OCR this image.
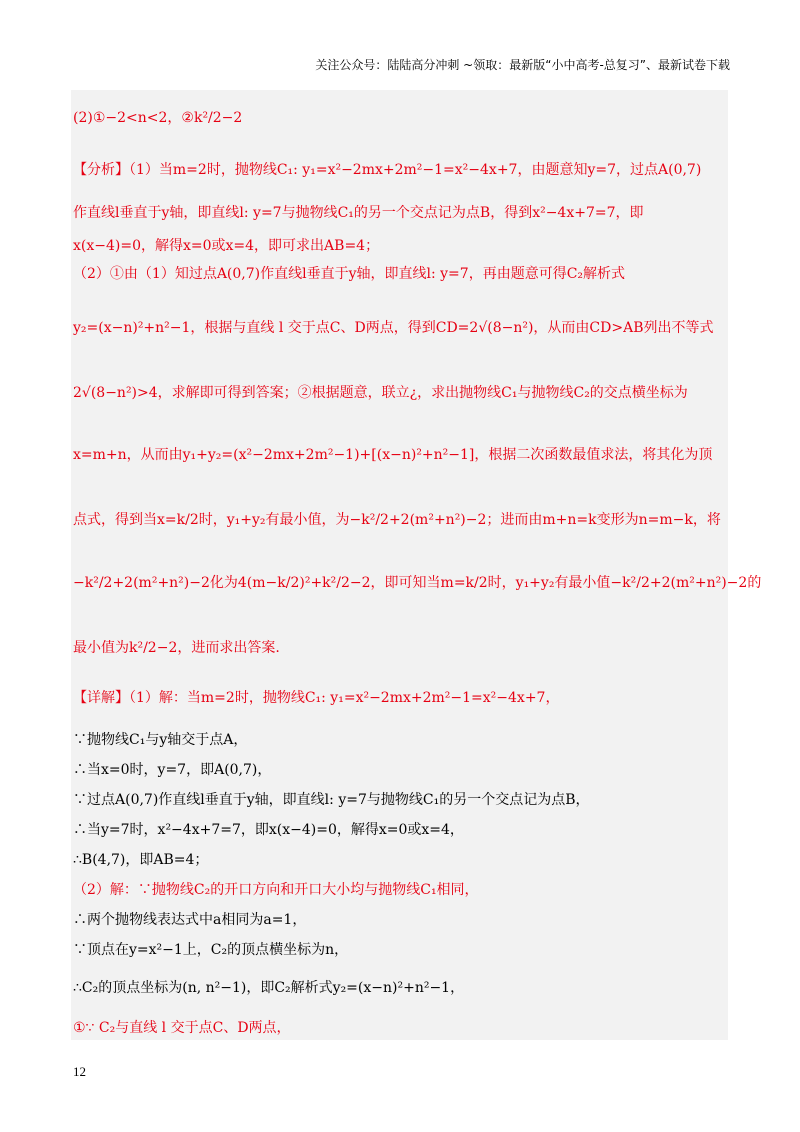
关注公众号：陆陆高分冲刺 ~领取：最新版“小中高考-总复习”、最新试卷下载
(2)①−2<n<2，②k²/2−2
【分析】（1）当m=2时，抛物线C₁: y₁=x²−2mx+2m²−1=x²−4x+7，由题意知y=7，过点A(0,7)
作直线l垂直于y轴，即直线l: y=7与抛物线C₁的另一个交点记为点B，得到x²−4x+7=7，即
x(x−4)=0，解得x=0或x=4，即可求出AB=4；
（2）①由（1）知过点A(0,7)作直线l垂直于y轴，即直线l: y=7，再由题意可得C₂解析式
y₂=(x−n)²+n²−1，根据与直线 l 交于点C、D两点，得到CD=2√(8−n²)，从而由CD>AB列出不等式
2√(8−n²)>4，求解即可得到答案；②根据题意，联立¿，求出抛物线C₁与抛物线C₂的交点横坐标为
x=m+n，从而由y₁+y₂=(x²−2mx+2m²−1)+[(x−n)²+n²−1]，根据二次函数最值求法，将其化为顶
点式，得到当x=k/2时，y₁+y₂有最小值，为−k²/2+2(m²+n²)−2；进而由m+n=k变形为n=m−k，将
−k²/2+2(m²+n²)−2化为4(m−k/2)²+k²/2−2，即可知当m=k/2时，y₁+y₂有最小值−k²/2+2(m²+n²)−2的
最小值为k²/2−2，进而求出答案.
【详解】（1）解：当m=2时，抛物线C₁: y₁=x²−2mx+2m²−1=x²−4x+7，
∵抛物线C₁与y轴交于点A，
∴当x=0时，y=7，即A(0,7)，
∵过点A(0,7)作直线l垂直于y轴，即直线l: y=7与抛物线C₁的另一个交点记为点B，
∴当y=7时，x²−4x+7=7，即x(x−4)=0，解得x=0或x=4，
∴B(4,7)，即AB=4；
（2）解：∵抛物线C₂的开口方向和开口大小均与抛物线C₁相同，
∴两个抛物线表达式中a相同为a=1，
∵顶点在y=x²−1上，C₂的顶点横坐标为n，
∴C₂的顶点坐标为(n, n²−1)，即C₂解析式y₂=(x−n)²+n²−1，
①∵ C₂与直线 l 交于点C、D两点，
12
